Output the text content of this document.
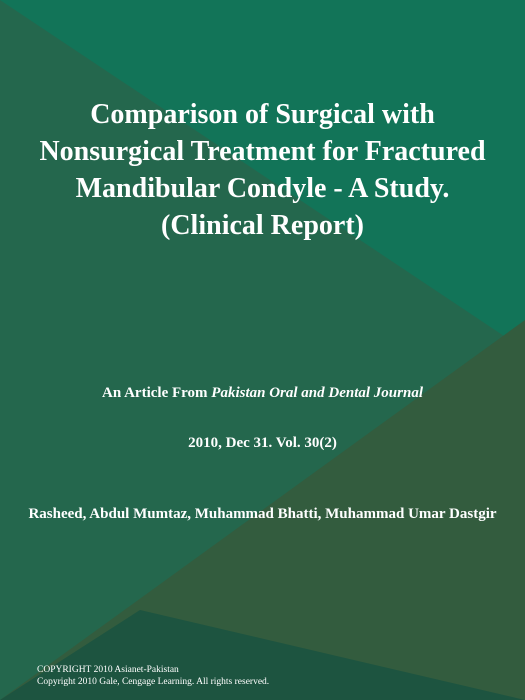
Comparison of Surgical with Nonsurgical Treatment for Fractured Mandibular Condyle - A Study. (Clinical Report)
An Article From Pakistan Oral and Dental Journal
2010, Dec 31. Vol. 30(2)
Rasheed, Abdul Mumtaz, Muhammad Bhatti, Muhammad Umar Dastgir
COPYRIGHT 2010 Asianet-Pakistan
Copyright 2010 Gale, Cengage Learning. All rights reserved.
